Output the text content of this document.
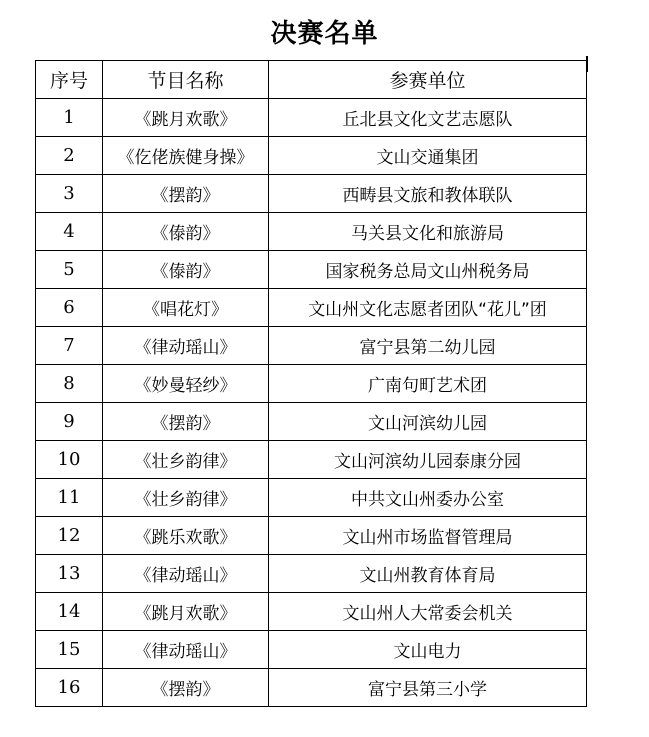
决赛名单
序号	节目名称	参赛单位
1	《跳月欢歌》	丘北县文化文艺志愿队
2	《仡佬族健身操》	文山交通集团
3	《摆韵》	西畴县文旅和教体联队
4	《傣韵》	马关县文化和旅游局
5	《傣韵》	国家税务总局文山州税务局
6	《唱花灯》	文山州文化志愿者团队“花儿”团
7	《律动瑶山》	富宁县第二幼儿园
8	《妙曼轻纱》	广南句町艺术团
9	《摆韵》	文山河滨幼儿园
10	《壮乡韵律》	文山河滨幼儿园泰康分园
11	《壮乡韵律》	中共文山州委办公室
12	《跳乐欢歌》	文山州市场监督管理局
13	《律动瑶山》	文山州教育体育局
14	《跳月欢歌》	文山州人大常委会机关
15	《律动瑶山》	文山电力
16	《摆韵》	富宁县第三小学
